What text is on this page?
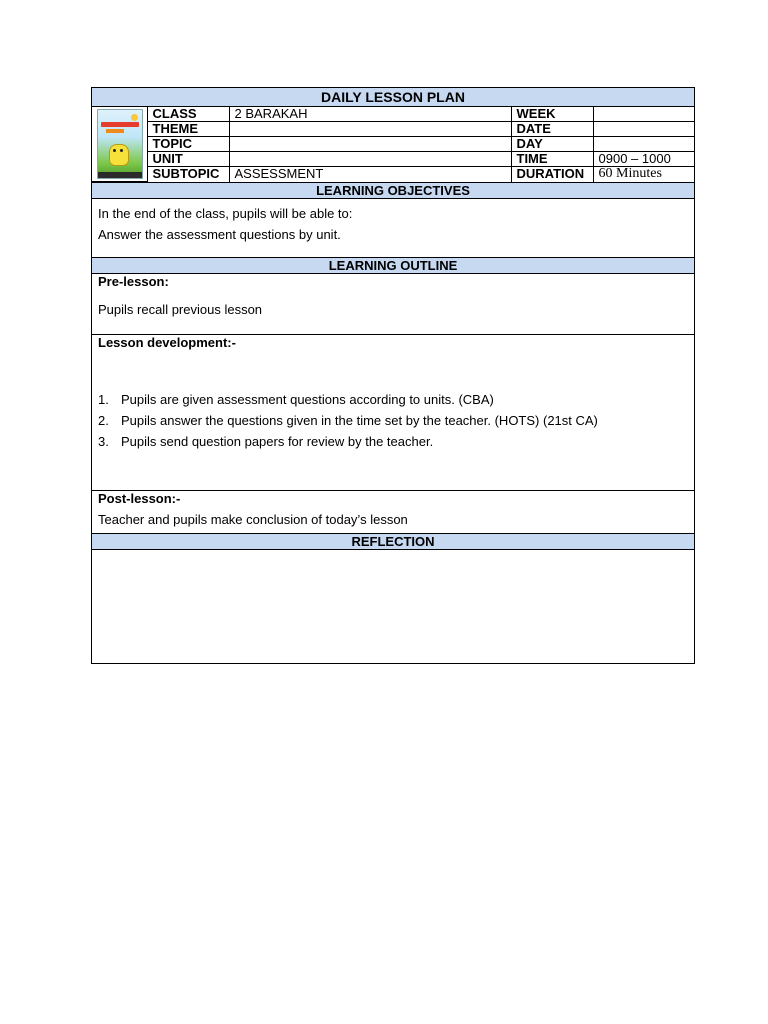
DAILY LESSON PLAN
	CLASS	2 BARAKAH	WEEK	
	THEME		DATE	
	TOPIC		DAY	
	UNIT		TIME	0900 – 1000
	SUBTOPIC	ASSESSMENT	DURATION	60 Minutes
LEARNING OBJECTIVES
In the end of the class, pupils will be able to:
Answer the assessment questions by unit.
LEARNING OUTLINE
Pre-lesson:
Pupils recall previous lesson
Lesson development:-
1. Pupils are given assessment questions according to units. (CBA)
2. Pupils answer the questions given in the time set by the teacher. (HOTS) (21st CA)
3. Pupils send question papers for review by the teacher.
Post-lesson:-
Teacher and pupils make conclusion of today’s lesson
REFLECTION
